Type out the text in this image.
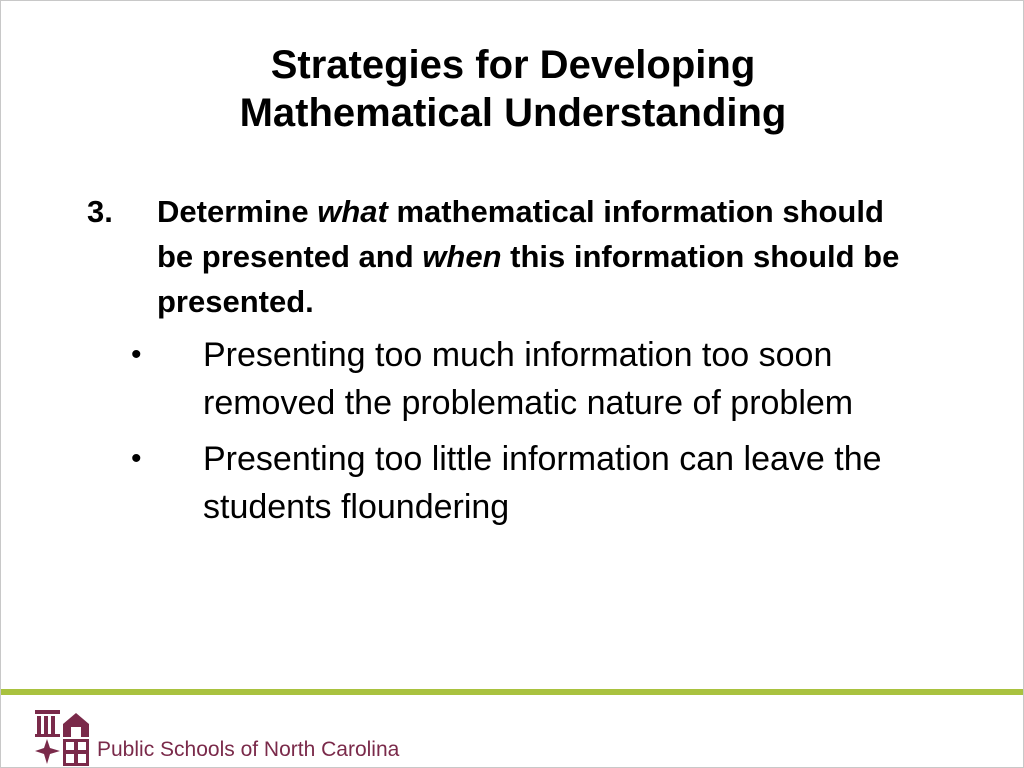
Strategies for Developing
Mathematical Understanding
3. Determine what mathematical information should be presented and when this information should be presented.
• Presenting too much information too soon removed the problematic nature of problem
• Presenting too little information can leave the students floundering
Public Schools of North Carolina
